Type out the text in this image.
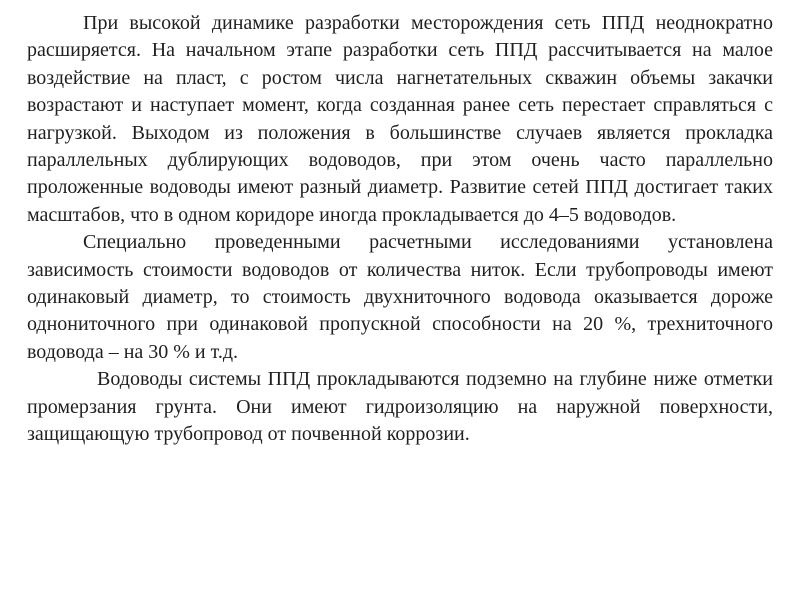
При высокой динамике разработки месторождения сеть ППД неоднократно расширяется. На начальном этапе разработки сеть ППД рассчитывается на малое воздействие на пласт, с ростом числа нагнетательных скважин объемы закачки возрастают и наступает момент, когда созданная ранее сеть перестает справляться с нагрузкой. Выходом из положения в большинстве случаев является прокладка параллельных дублирующих водоводов, при этом очень часто параллельно проложенные водоводы имеют разный диаметр. Развитие сетей ППД достигает таких масштабов, что в одном коридоре иногда прокладывается до 4–5 водоводов.

Специально проведенными расчетными исследованиями установлена зависимость стоимости водоводов от количества ниток. Если трубопроводы имеют одинаковый диаметр, то стоимость двухниточного водовода оказывается дороже однониточного при одинаковой пропускной способности на 20 %, трехниточного водовода – на 30 % и т.д.

Водоводы системы ППД прокладываются подземно на глубине ниже отметки промерзания грунта. Они имеют гидроизоляцию на наружной поверхности, защищающую трубопровод от почвенной коррозии.
